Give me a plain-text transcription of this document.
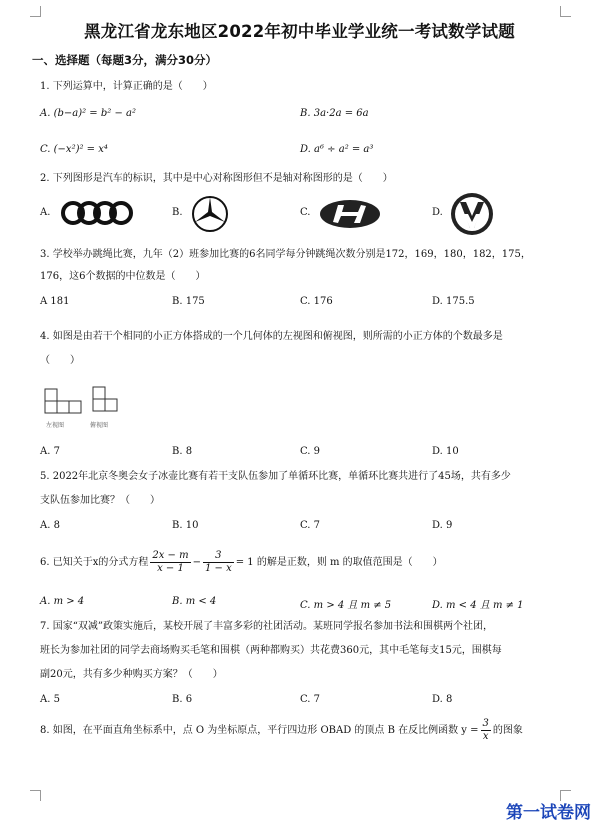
黑龙江省龙东地区2022年初中毕业学业统一考试数学试题
一、选择题（每题3分，满分30分）
1. 下列运算中，计算正确的是（　　）
A. (b−a)² = b² − a²	B. 3a·2a = 6a
C. (−x²)² = x⁴	D. a⁶ ÷ a² = a³
2. 下列图形是汽车的标识，其中是中心对称图形但不是轴对称图形的是（　　）
A.	B.	C.	D.
3. 学校举办跳绳比赛，九年（2）班参加比赛的6名同学每分钟跳绳次数分别是172，169，180，182，175，
176，这6个数据的中位数是（　　）
A 181	B. 175	C. 176	D. 175.5
4. 如图是由若干个相同的小正方体搭成的一个几何体的左视图和俯视图，则所需的小正方体的个数最多是
（　　）
左视图	俯视图
A. 7	B. 8	C. 9	D. 10
5. 2022年北京冬奥会女子冰壶比赛有若干支队伍参加了单循环比赛，单循环比赛共进行了45场，共有多少
支队伍参加比赛？（　　）
A. 8	B. 10	C. 7	D. 9
6. 已知关于x的分式方程 $\frac{2x - m}{x - 1} - \frac{3}{1 - x} = 1$ 的解是正数，则 m 的取值范围是（　　）
A. m > 4	B. m < 4	C. m > 4 且 m ≠ 5	D. m < 4 且 m ≠ 1
7. 国家“双减”政策实施后，某校开展了丰富多彩的社团活动。某班同学报名参加书法和围棋两个社团，
班长为参加社团的同学去商场购买毛笔和围棋（两种都购买）共花费360元，其中毛笔每支15元，围棋每
副20元，共有多少种购买方案？（　　）
A. 5	B. 6	C. 7	D. 8
8. 如图，在平面直角坐标系中，点 O 为坐标原点，平行四边形 OBAD 的顶点 B 在反比例函数 $y = \frac{3}{x}$ 的图象
第一试卷网
